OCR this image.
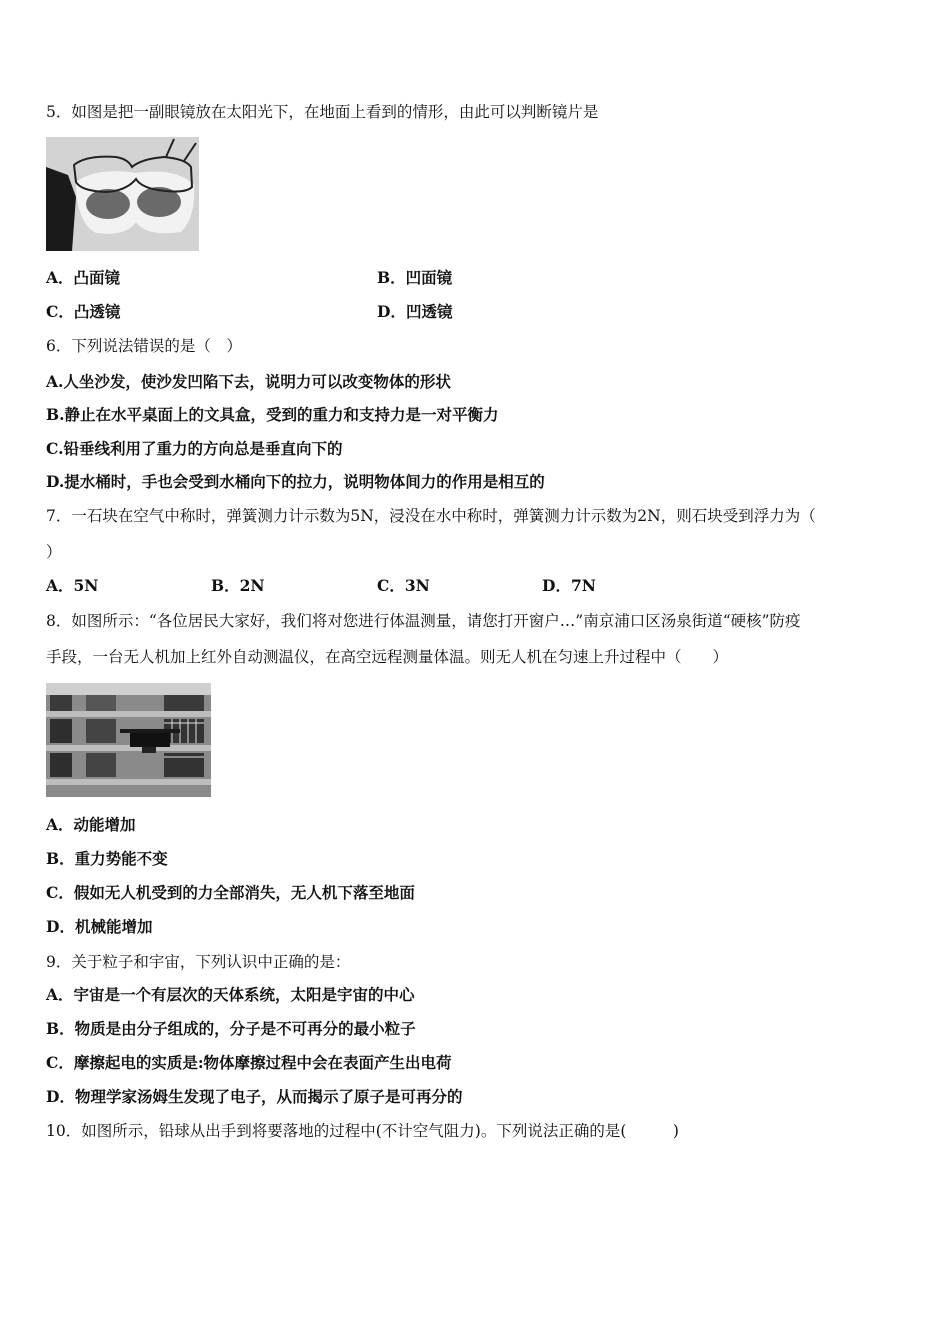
5．如图是把一副眼镜放在太阳光下，在地面上看到的情形，由此可以判断镜片是
A．凸面镜	B．凹面镜
C．凸透镜	D．凹透镜
6．下列说法错误的是（　）
A.人坐沙发，使沙发凹陷下去，说明力可以改变物体的形状
B.静止在水平桌面上的文具盒，受到的重力和支持力是一对平衡力
C.铅垂线利用了重力的方向总是垂直向下的
D.提水桶时，手也会受到水桶向下的拉力，说明物体间力的作用是相互的
7．一石块在空气中称时，弹簧测力计示数为5N，浸没在水中称时，弹簧测力计示数为2N，则石块受到浮力为（
）
A．5N	B．2N	C．3N	D．7N
8．如图所示：“各位居民大家好，我们将对您进行体温测量，请您打开窗户…”南京浦口区汤泉街道“硬核”防疫
手段，一台无人机加上红外自动测温仪，在高空远程测量体温。则无人机在匀速上升过程中（　　）
A．动能增加
B．重力势能不变
C．假如无人机受到的力全部消失，无人机下落至地面
D．机械能增加
9．关于粒子和宇宙，下列认识中正确的是：
A．宇宙是一个有层次的天体系统，太阳是宇宙的中心
B．物质是由分子组成的，分子是不可再分的最小粒子
C．摩擦起电的实质是:物体摩擦过程中会在表面产生出电荷
D．物理学家汤姆生发现了电子，从而揭示了原子是可再分的
10．如图所示，铅球从出手到将要落地的过程中(不计空气阻力)。下列说法正确的是(　　　)
